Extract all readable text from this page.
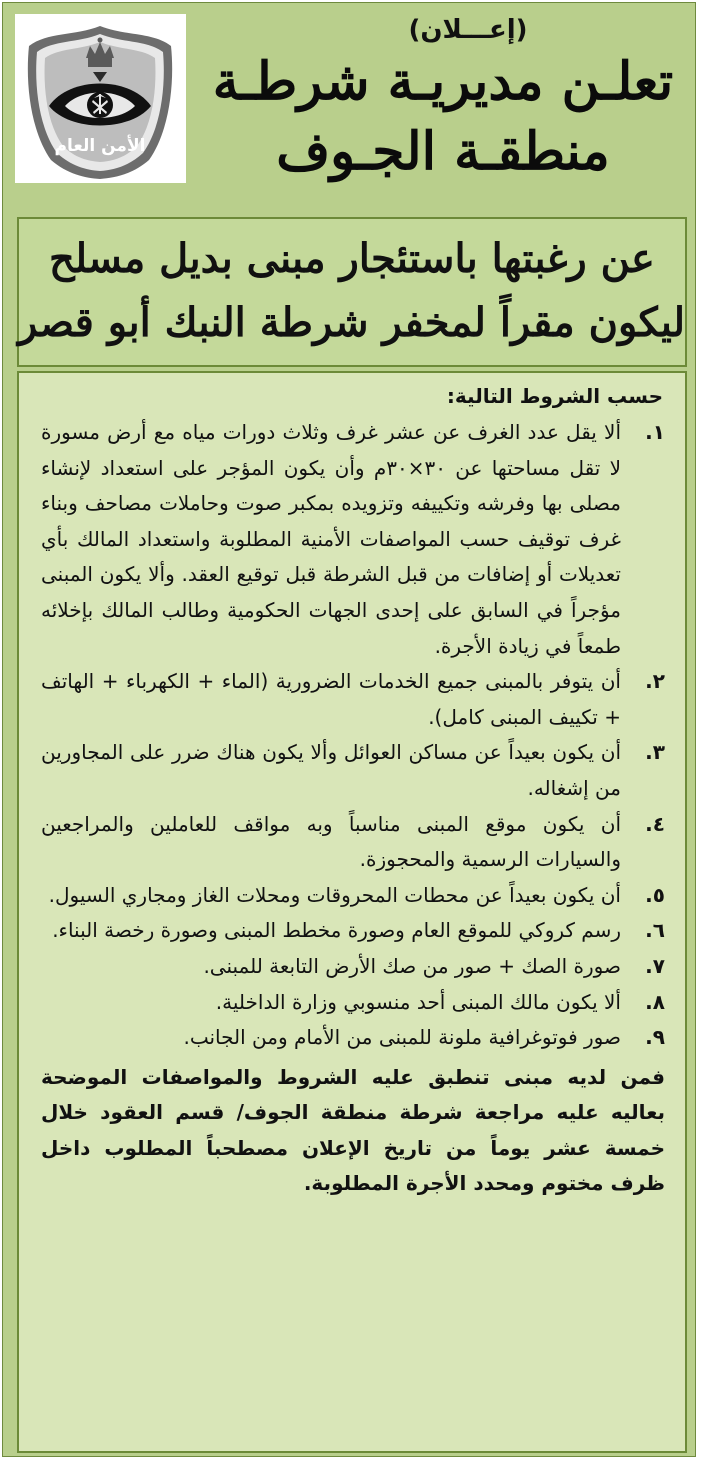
الأمن العام
(إعـــلان)
تعلـن مديريـة شرطـة
منطقـة الجـوف
عن رغبتها باستئجار مبنى بديل مسلح
ليكون مقراً لمخفر شرطة النبك أبو قصر
حسب الشروط التالية:
١.
ألا يقل عدد الغرف عن عشر غرف وثلاث دورات مياه مع أرض مسورة لا تقل مساحتها عن ٣٠×٣٠م وأن يكون المؤجر على استعداد لإنشاء مصلى بها وفرشه وتكييفه وتزويده بمكبر صوت وحاملات مصاحف وبناء غرف توقيف حسب المواصفات الأمنية المطلوبة واستعداد المالك بأي تعديلات أو إضافات من قبل الشرطة قبل توقيع العقد. وألا يكون المبنى مؤجراً في السابق على إحدى الجهات الحكومية وطالب المالك بإخلائه طمعاً في زيادة الأجرة.
٢.
أن يتوفر بالمبنى جميع الخدمات الضرورية (الماء + الكهرباء + الهاتف + تكييف المبنى كامل).
٣.
أن يكون بعيداً عن مساكن العوائل وألا يكون هناك ضرر على المجاورين من إشغاله.
٤.
أن يكون موقع المبنى مناسباً وبه مواقف للعاملين والمراجعين والسيارات الرسمية والمحجوزة.
٥.
أن يكون بعيداً عن محطات المحروقات ومحلات الغاز ومجاري السيول.
٦.
رسم كروكي للموقع العام وصورة مخطط المبنى وصورة رخصة البناء.
٧.
صورة الصك + صور من صك الأرض التابعة للمبنى.
٨.
ألا يكون مالك المبنى أحد منسوبي وزارة الداخلية.
٩.
صور فوتوغرافية ملونة للمبنى من الأمام ومن الجانب.
فمن لديه مبنى تنطبق عليه الشروط والمواصفات الموضحة بعاليه عليه مراجعة شرطة منطقة الجوف/ قسم العقود خلال خمسة عشر يوماً من تاريخ الإعلان مصطحباً المطلوب داخل ظرف مختوم ومحدد الأجرة المطلوبة.
